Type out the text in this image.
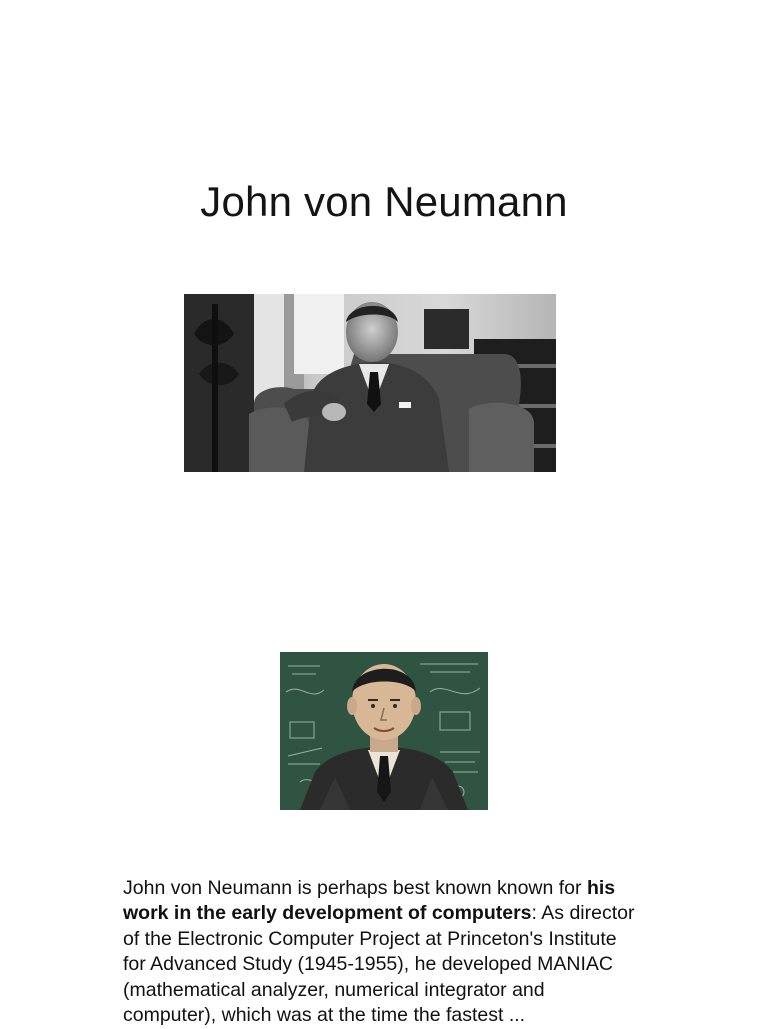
John von Neumann

John von Neumann is perhaps best known known for his work in the early development of computers: As director of the Electronic Computer Project at Princeton's Institute for Advanced Study (1945-1955), he developed MANIAC (mathematical analyzer, numerical integrator and computer), which was at the time the fastest ...
